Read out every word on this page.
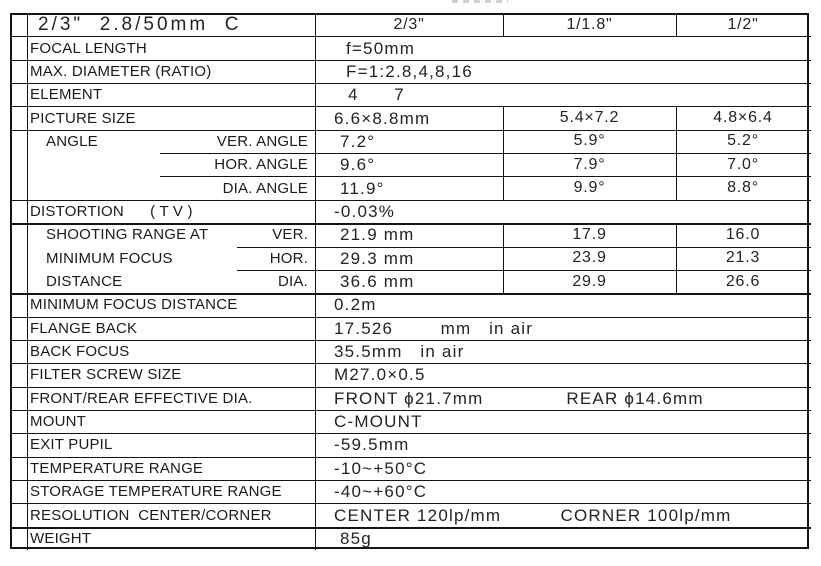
2/3"  2.8/50mm  C	2/3"	1/1.8"	1/2"
FOCAL LENGTH	f=50mm
MAX. DIAMETER (RATIO)	F=1:2.8,4,8,16
ELEMENT	4      7
PICTURE SIZE	6.6×8.8mm	5.4×7.2	4.8×6.4
ANGLE	VER. ANGLE 7.2°	5.9°	5.2°
HOR. ANGLE 9.6°	7.9°	7.0°
DIA. ANGLE 11.9°	9.9°	8.8°
DISTORTION      ( T V )	-0.03%
SHOOTING RANGE AT	VER. 21.9 mm	17.9	16.0
MINIMUM FOCUS	HOR. 29.3 mm	23.9	21.3
DISTANCE	DIA. 36.6 mm	29.9	26.6
MINIMUM FOCUS DISTANCE	0.2m
FLANGE BACK	17.526        mm   in air
BACK FOCUS	35.5mm   in air
FILTER SCREW SIZE	M27.0×0.5
FRONT/REAR EFFECTIVE DIA.	FRONT ϕ21.7mm              REAR ϕ14.6mm
MOUNT	C-MOUNT
EXIT PUPIL	-59.5mm
TEMPERATURE RANGE	-10~+50°C
STORAGE TEMPERATURE RANGE	-40~+60°C
RESOLUTION  CENTER/CORNER	CENTER 120lp/mm          CORNER 100lp/mm
WEIGHT	85g
